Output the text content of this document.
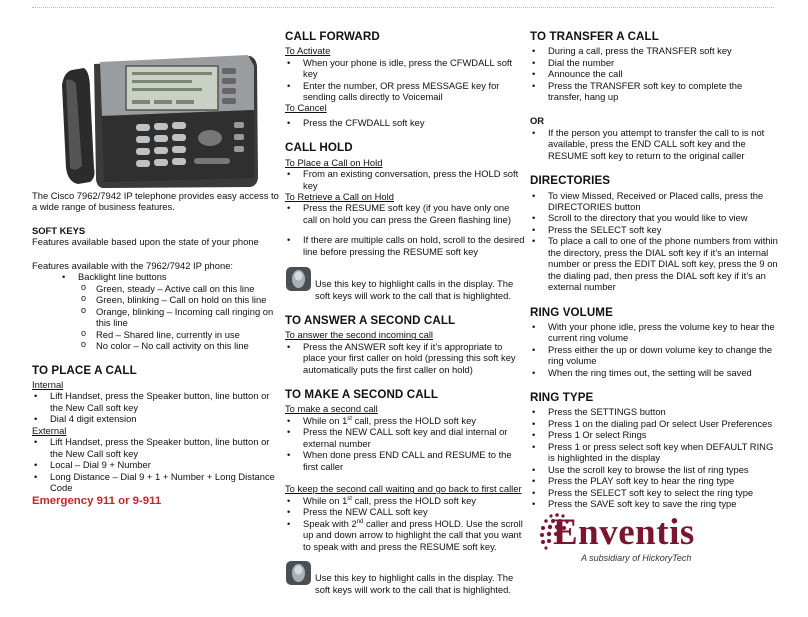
The Cisco 7962/7942 IP telephone provides easy access to a wide range of business features.

SOFT KEYS

Features available based upon the state of your phone

Features available with the 7962/7942 IP phone:

• Backlight line buttons
o Green, steady – Active call on this line
o Green, blinking – Call on hold on this line
o Orange, blinking – Incoming call ringing on this line
o Red – Shared line, currently in use
o No color – No call activity on this line
TO PLACE A CALL

Internal

• Lift Handset, press the Speaker button, line button or the New Call soft key
• Dial 4 digit extension

External

• Lift Handset, press the Speaker button, line button or the New Call soft key
• Local – Dial 9 + Number
• Long Distance – Dial 9 + 1 + Number + Long Distance Code

Emergency 911 or 9-911

CALL FORWARD

To Activate

• When your phone is idle, press the CFWDALL soft key
• Enter the number, OR press MESSAGE key for sending calls directly to Voicemail

To Cancel

• Press the CFWDALL soft key
CALL HOLD

To Place a Call on Hold

• From an existing conversation, press the HOLD soft key

To Retrieve a Call on Hold

• Press the RESUME soft key (if you have only one call on hold you can press the Green flashing line)
• If there are multiple calls on hold, scroll to the desired line before pressing the RESUME soft key

Use this key to highlight calls in the display. The soft keys will work to the call that is highlighted.

TO ANSWER A SECOND CALL

To answer the second incoming call

• Press the ANSWER soft key if it’s appropriate to place your first caller on hold (pressing this soft key automatically puts the first caller on hold)
TO MAKE A SECOND CALL

To make a second call

• While on 1st call, press the HOLD soft key
• Press the NEW CALL soft key and dial internal or external number
• When done press END CALL and RESUME to the first caller

To keep the second call waiting and go back to first caller

• While on 1st call, press the HOLD soft key
• Press the NEW CALL soft key
• Speak with 2nd caller and press HOLD. Use the scroll up and down arrow to highlight the call that you want to speak with and press the RESUME soft key.

Use this key to highlight calls in the display. The soft keys will work to the call that is highlighted.

TO TRANSFER A CALL
• During a call, press the TRANSFER soft key
• Dial the number
• Announce the call
• Press the TRANSFER soft key to complete the transfer, hang up

OR

• If the person you attempt to transfer the call to is not available, press the END CALL soft key and the RESUME soft key to return to the original caller
DIRECTORIES
• To view Missed, Received or Placed calls, press the DIRECTORIES button
• Scroll to the directory that you would like to view
• Press the SELECT soft key
• To place a call to one of the phone numbers from within the directory, press the DIAL soft key if it’s an internal number or press the EDIT DIAL soft key, press the 9 on the dialing pad, then press the DIAL soft key if it’s an external number
RING VOLUME
• With your phone idle, press the volume key to hear the current ring volume
• Press either the up or down volume key to change the ring volume
• When the ring times out, the setting will be saved
RING TYPE
• Press the SETTINGS button
• Press 1 on the dialing pad Or select User Preferences
• Press 1 Or select Rings
• Press 1 or press select soft key when DEFAULT RING is highlighted in the display
• Use the scroll key to browse the list of ring types
• Press the PLAY soft key to hear the ring type
• Press the SELECT soft key to select the ring type
• Press the SAVE soft key to save the ring type
Enventis
A subsidiary of HickoryTech
